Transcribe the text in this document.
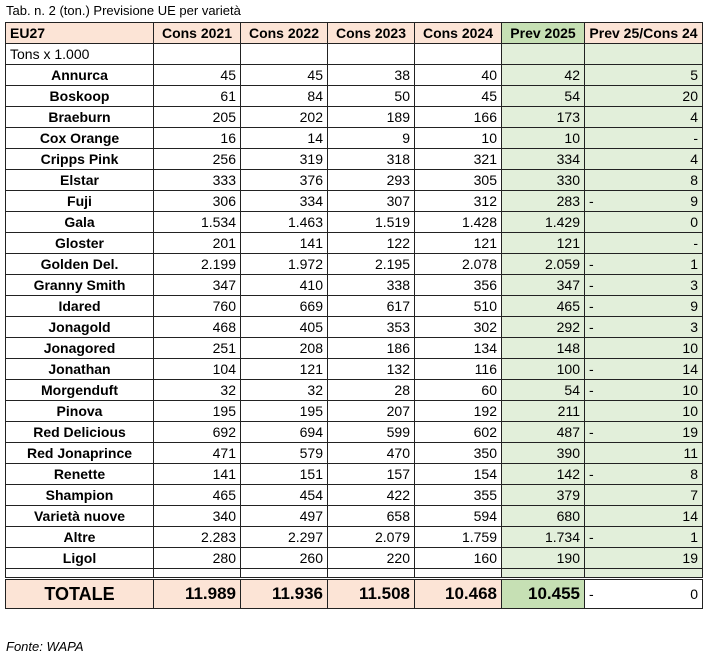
Tab. n. 2 (ton.) Previsione UE per varietà
EU27	Cons 2021	Cons 2022	Cons 2023	Cons 2024	Prev 2025	Prev 25/Cons 24
Tons x 1.000						
Annurca	45	45	38	40	42	5
Boskoop	61	84	50	45	54	20
Braeburn	205	202	189	166	173	4
Cox Orange	16	14	9	10	10	-
Cripps Pink	256	319	318	321	334	4
Elstar	333	376	293	305	330	8
Fuji	306	334	307	312	283	- 9
Gala	1.534	1.463	1.519	1.428	1.429	0
Gloster	201	141	122	121	121	-
Golden Del.	2.199	1.972	2.195	2.078	2.059	- 1
Granny Smith	347	410	338	356	347	- 3
Idared	760	669	617	510	465	- 9
Jonagold	468	405	353	302	292	- 3
Jonagored	251	208	186	134	148	10
Jonathan	104	121	132	116	100	- 14
Morgenduft	32	32	28	60	54	- 10
Pinova	195	195	207	192	211	10
Red Delicious	692	694	599	602	487	- 19
Red Jonaprince	471	579	470	350	390	11
Renette	141	151	157	154	142	- 8
Shampion	465	454	422	355	379	7
Varietà nuove	340	497	658	594	680	14
Altre	2.283	2.297	2.079	1.759	1.734	- 1
Ligol	280	260	220	160	190	19

TOTALE	11.989	11.936	11.508	10.468	10.455	- 0
Fonte: WAPA
